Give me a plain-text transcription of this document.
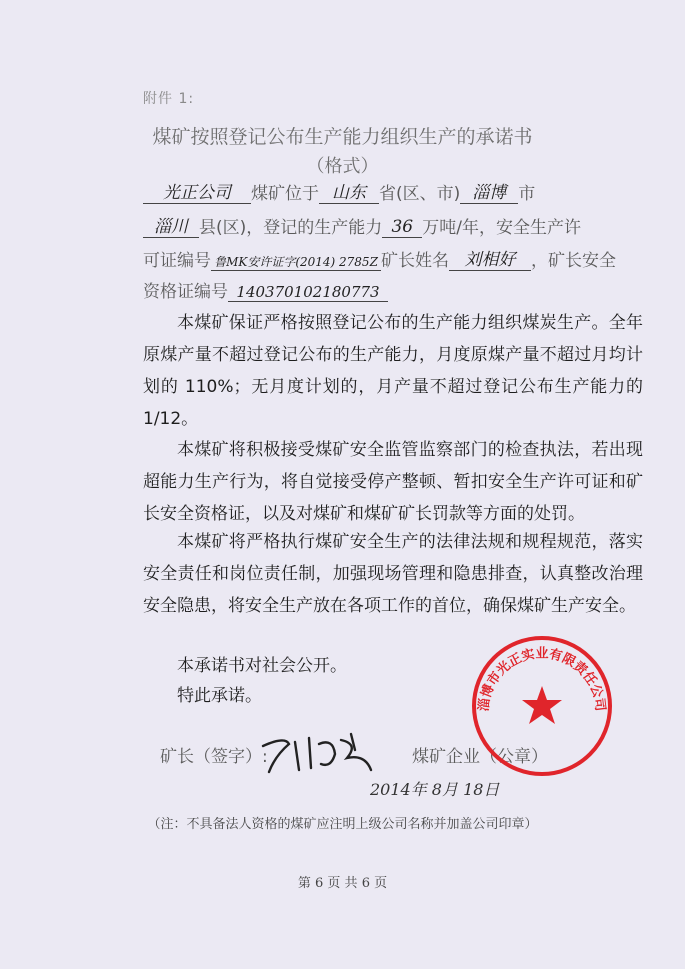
附件 1:
煤矿按照登记公布生产能力组织生产的承诺书
（格式）
光正公司 煤矿位于 山东 省(区、市) 淄博 市
淄川 县(区)，登记的生产能力 36 万吨/年，安全生产许
可证编号 鲁MK安许证字(2014) 2785Z 矿长姓名 刘相好 ，矿长安全
资格证编号 140370102180773
本煤矿保证严格按照登记公布的生产能力组织煤炭生产。全年原煤产量不超过登记公布的生产能力，月度原煤产量不超过月均计划的 110%；无月度计划的，月产量不超过登记公布生产能力的 1/12。
本煤矿将积极接受煤矿安全监管监察部门的检查执法，若出现超能力生产行为，将自觉接受停产整顿、暂扣安全生产许可证和矿长安全资格证，以及对煤矿和煤矿矿长罚款等方面的处罚。
本煤矿将严格执行煤矿安全生产的法律法规和规程规范，落实安全责任和岗位责任制，加强现场管理和隐患排查，认真整改治理安全隐患，将安全生产放在各项工作的首位，确保煤矿生产安全。
本承诺书对社会公开。
特此承诺。
矿长（签字）:	煤矿企业（公章）
2014年 8月 18日
淄博市光正实业有限责任公司
（注：不具备法人资格的煤矿应注明上级公司名称并加盖公司印章）
第 6 页 共 6 页
